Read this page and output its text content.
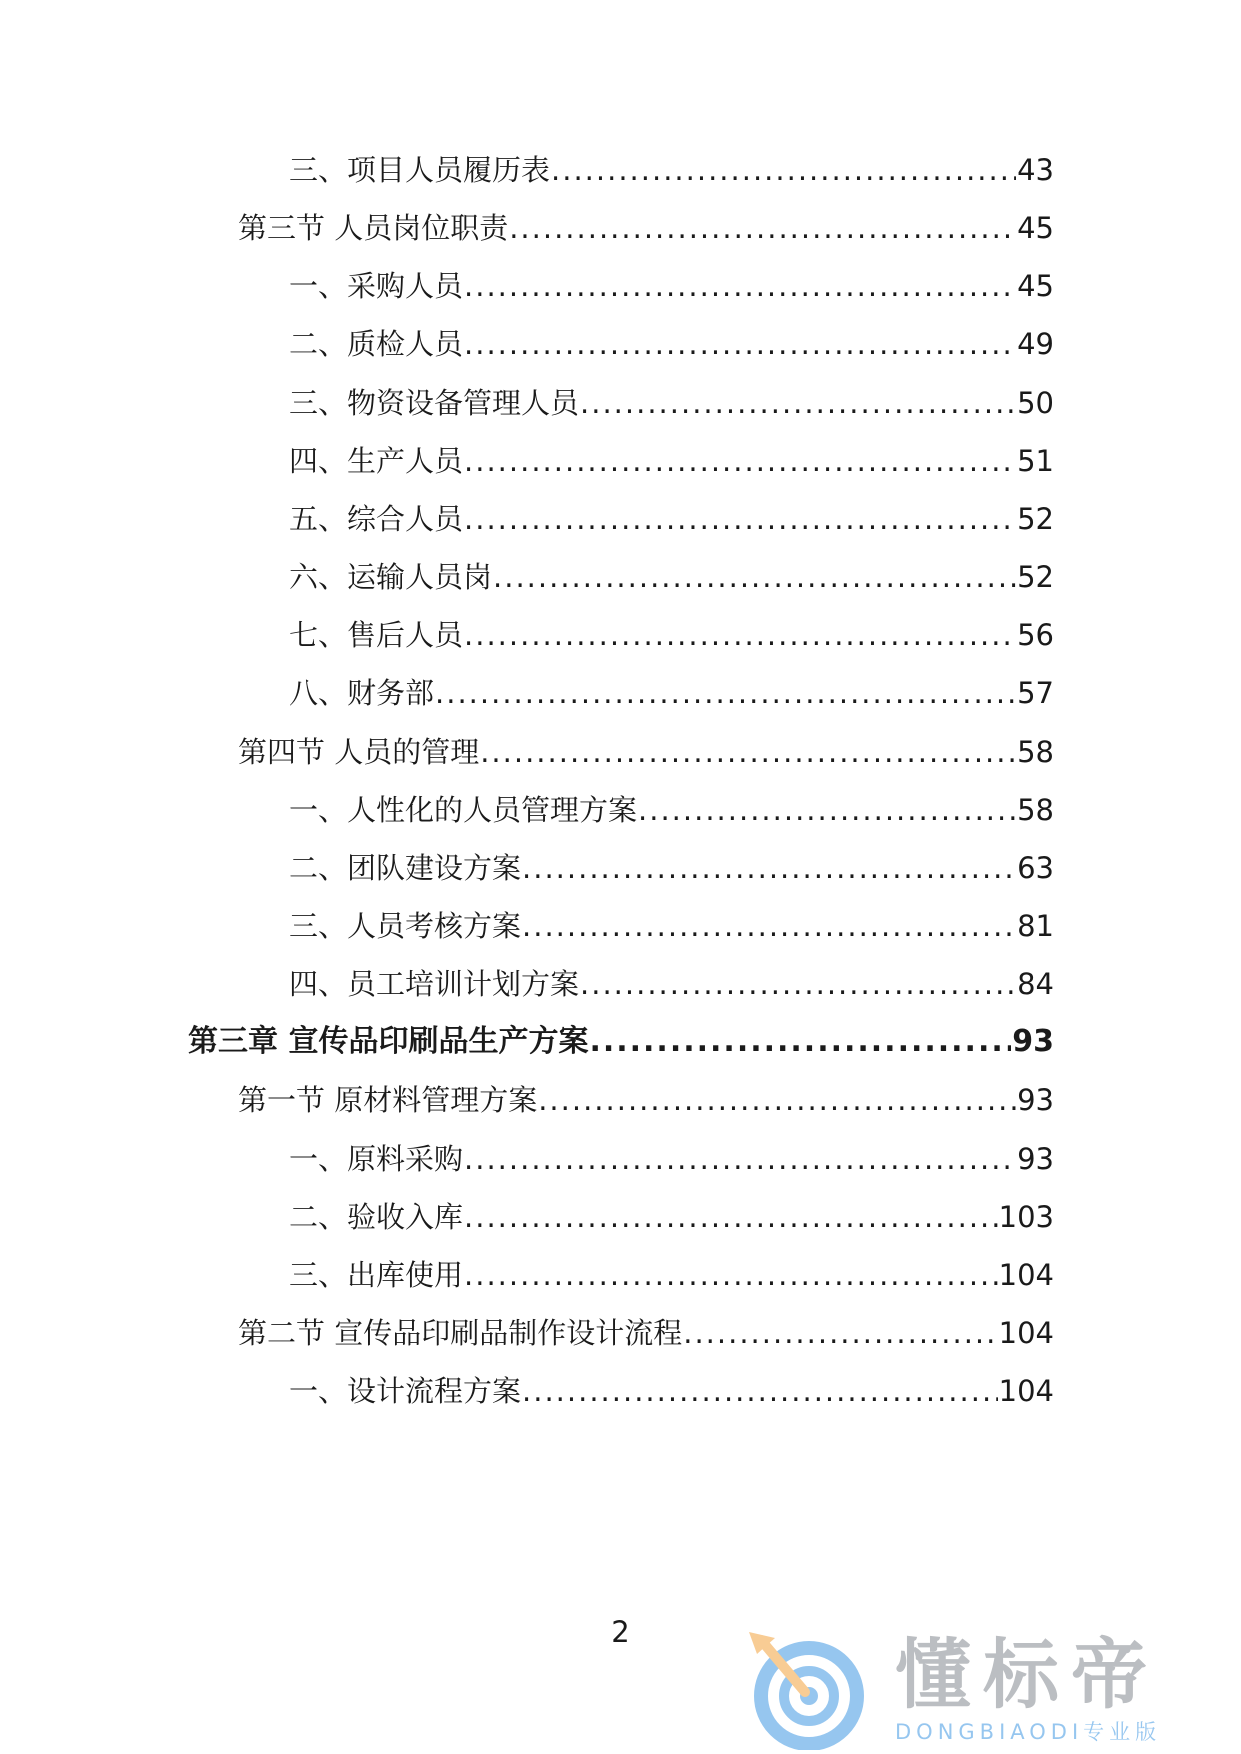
三、项目人员履历表 .....	43
第三节 人员岗位职责 .....	45
一、采购人员 .....	45
二、质检人员 .....	49
三、物资设备管理人员 .....	50
四、生产人员 .....	51
五、综合人员 .....	52
六、运输人员岗 .....	52
七、售后人员 .....	56
八、财务部 .....	57
第四节 人员的管理 .....	58
一、人性化的人员管理方案 .....	58
二、团队建设方案 .....	63
三、人员考核方案 .....	81
四、员工培训计划方案 .....	84
第三章 宣传品印刷品生产方案 .....	93
第一节 原材料管理方案 .....	93
一、原料采购 .....	93
二、验收入库 .....	103
三、出库使用 .....	104
第二节 宣传品印刷品制作设计流程 .....	104
一、设计流程方案 .....	104
2	懂标帝
DONGBIAODI专业版
